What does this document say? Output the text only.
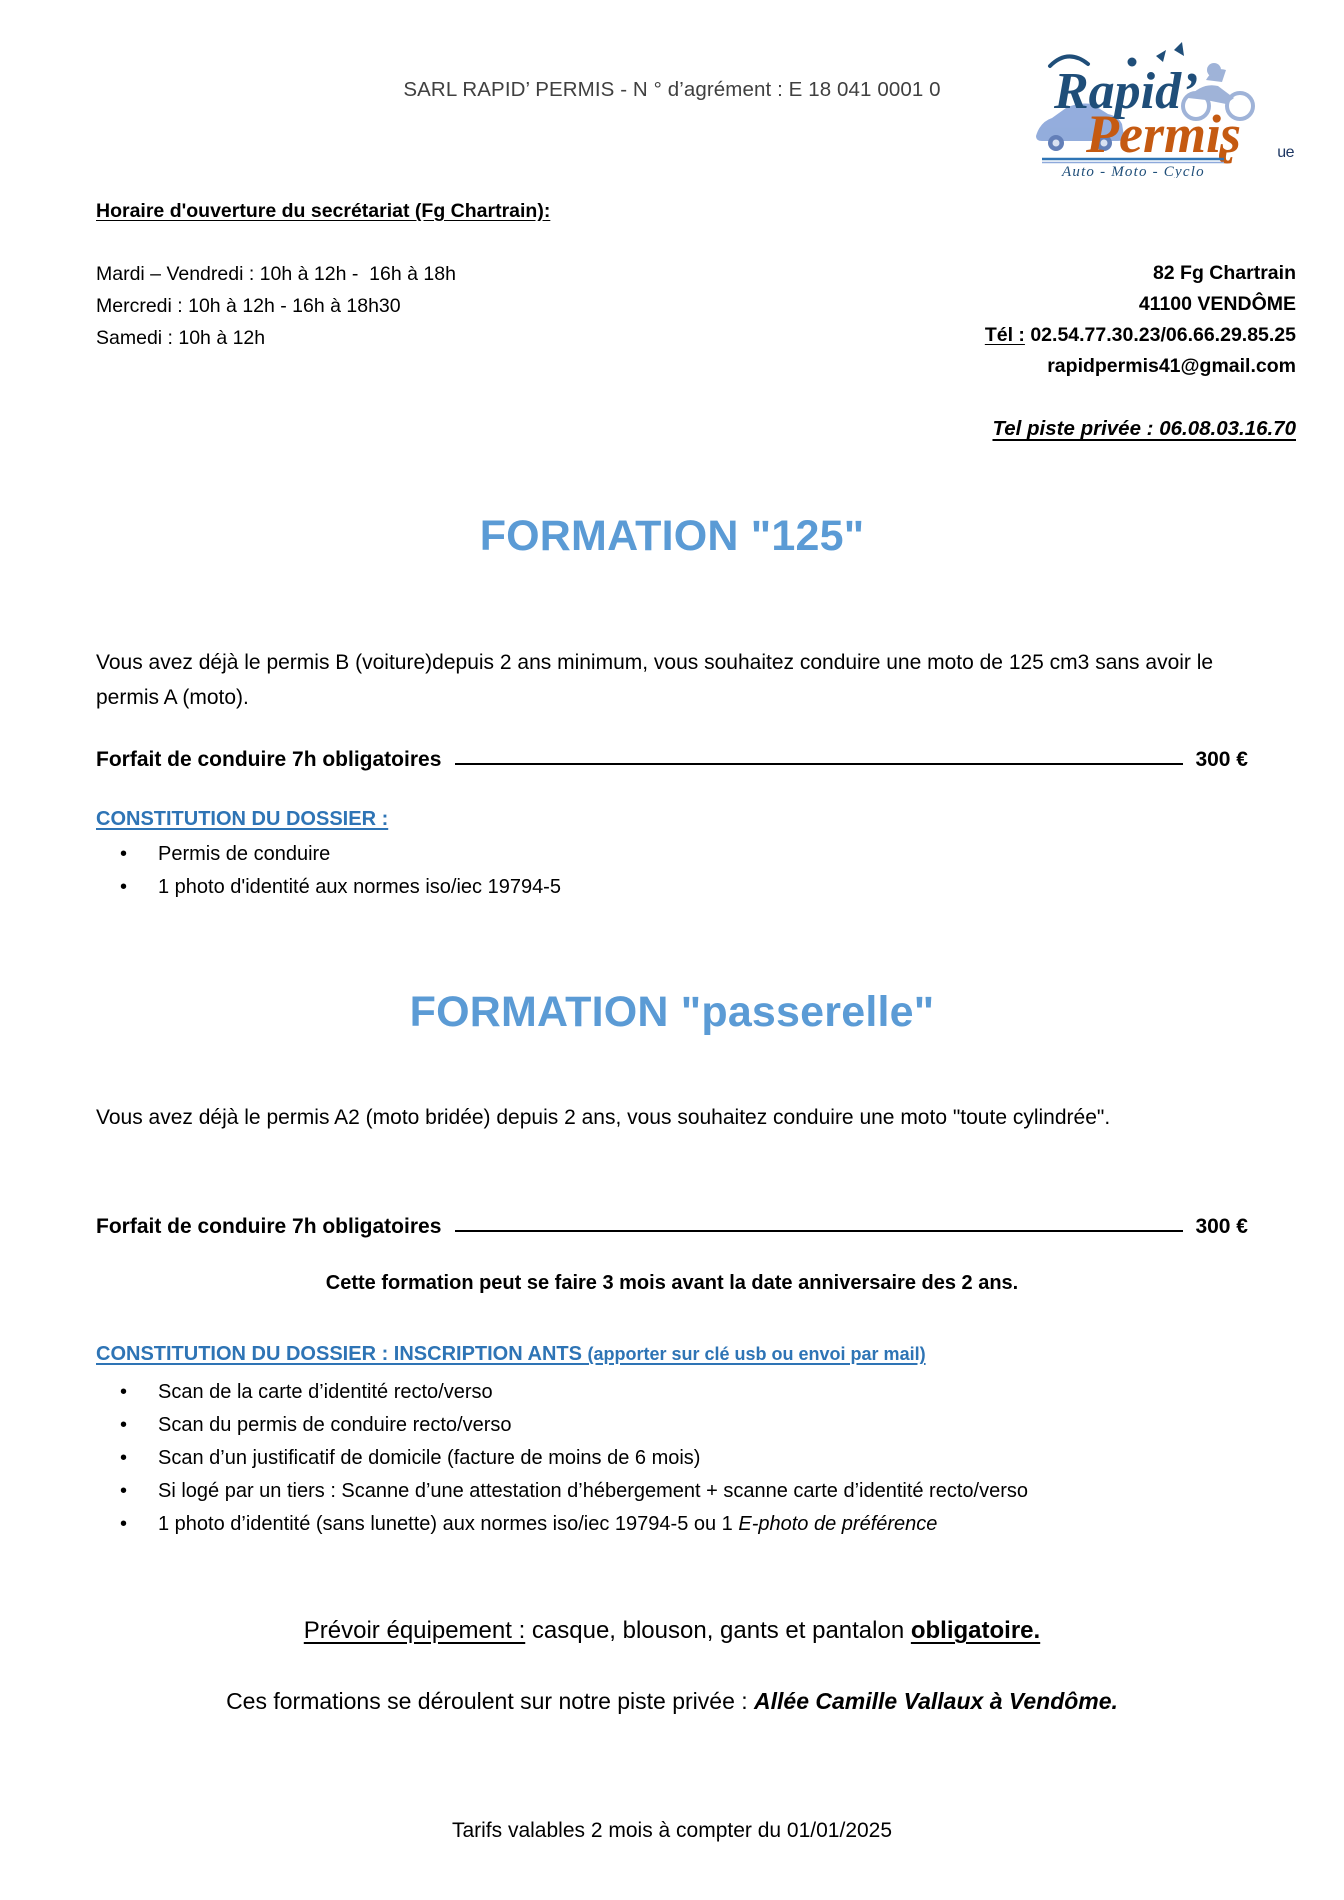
SARL RAPID’ PERMIS - N ° d’agrément : E 18 041 0001 0	Rapid’
Permi ʂ
Auto - Moto - Cyclo
ue
Horaire d'ouverture du secrétariat (Fg Chartrain):
Mardi – Vendredi : 10h à 12h -  16h à 18h
Mercredi : 10h à 12h - 16h à 18h30
Samedi : 10h à 12h
82 Fg Chartrain
41100 VENDÔME
Tél : 02.54.77.30.23/06.66.29.85.25
rapidpermis41@gmail.com
Tel piste privée : 06.08.03.16.70
FORMATION "125"
Vous avez déjà le permis B (voiture)depuis 2 ans minimum, vous souhaitez conduire une moto de 125 cm3 sans avoir le permis A (moto).
Forfait de conduire 7h obligatoires	300 €
CONSTITUTION DU DOSSIER :
• Permis de conduire
• 1 photo d'identité aux normes iso/iec 19794-5
FORMATION "passerelle"
Vous avez déjà le permis A2 (moto bridée) depuis 2 ans, vous souhaitez conduire une moto "toute cylindrée".
Forfait de conduire 7h obligatoires	300 €
Cette formation peut se faire 3 mois avant la date anniversaire des 2 ans.
CONSTITUTION DU DOSSIER : INSCRIPTION ANTS (apporter sur clé usb ou envoi par mail)
• Scan de la carte d’identité recto/verso
• Scan du permis de conduire recto/verso
• Scan d’un justificatif de domicile (facture de moins de 6 mois)
• Si logé par un tiers : Scanne d’une attestation d’hébergement + scanne carte d’identité recto/verso
• 1 photo d’identité (sans lunette) aux normes iso/iec 19794-5 ou 1 E-photo de préférence
Prévoir équipement : casque, blouson, gants et pantalon obligatoire.
Ces formations se déroulent sur notre piste privée : Allée Camille Vallaux à Vendôme.
Tarifs valables 2 mois à compter du 01/01/2025
